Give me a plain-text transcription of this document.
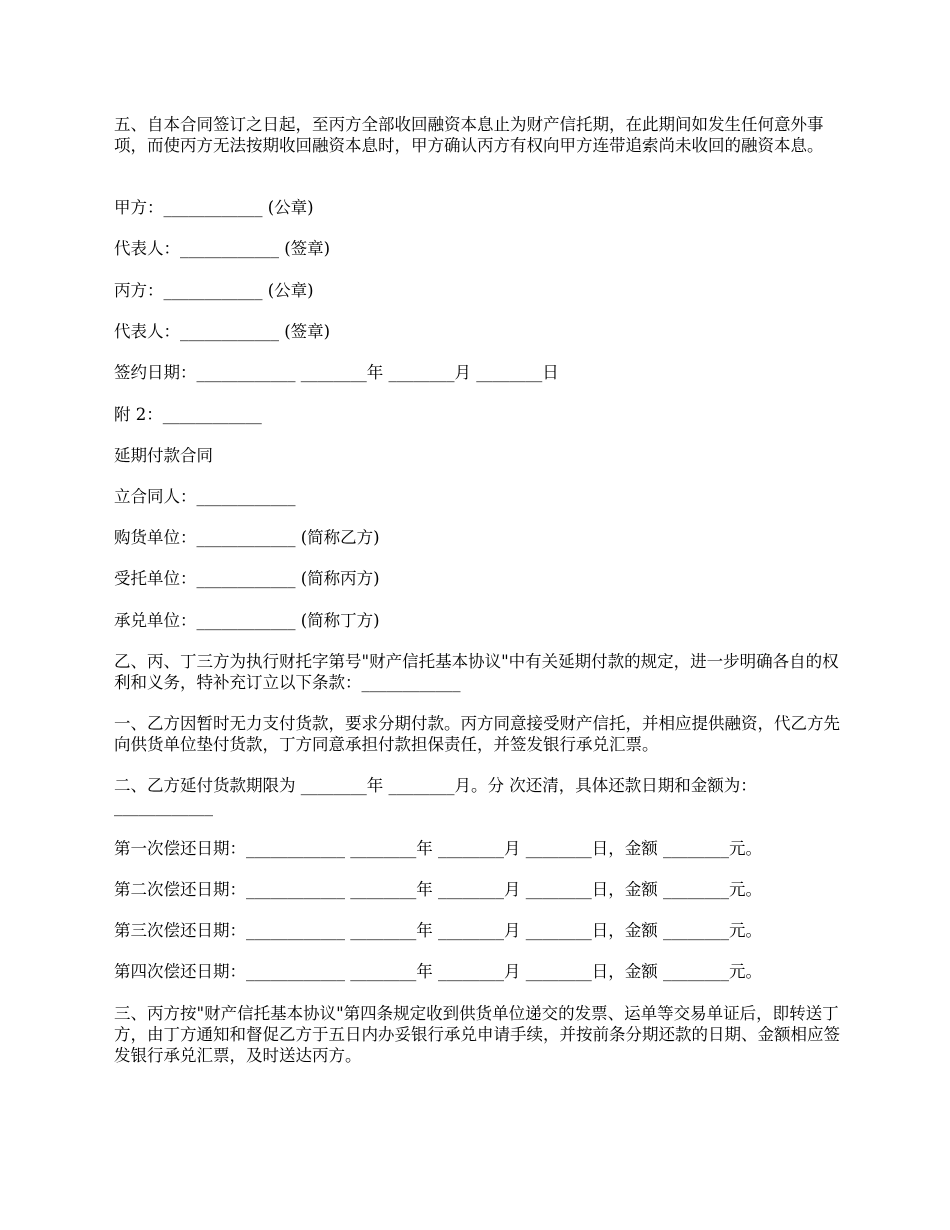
五、自本合同签订之日起，至丙方全部收回融资本息止为财产信托期，在此期间如发生任何意外事项，而使丙方无法按期收回融资本息时，甲方确认丙方有权向甲方连带追索尚未收回的融资本息。

甲方：____________ (公章)

代表人：____________ (签章)

丙方：____________ (公章)

代表人：____________ (签章)

签约日期：____________ ________年 ________月 ________日

附 2：____________

延期付款合同

立合同人：____________

购货单位：____________ (简称乙方)

受托单位：____________ (简称丙方)

承兑单位：____________ (简称丁方)

乙、丙、丁三方为执行财托字第号"财产信托基本协议"中有关延期付款的规定，进一步明确各自的权利和义务，特补充订立以下条款：____________

一、乙方因暂时无力支付货款，要求分期付款。丙方同意接受财产信托，并相应提供融资，代乙方先向供货单位垫付货款，丁方同意承担付款担保责任，并签发银行承兑汇票。

二、乙方延付货款期限为 ________年 ________月。分 次还清，具体还款日期和金额为：____________

第一次偿还日期：____________ ________年 ________月 ________日，金额 ________元。

第二次偿还日期：____________ ________年 ________月 ________日，金额 ________元。

第三次偿还日期：____________ ________年 ________月 ________日，金额 ________元。

第四次偿还日期：____________ ________年 ________月 ________日，金额 ________元。

三、丙方按"财产信托基本协议"第四条规定收到供货单位递交的发票、运单等交易单证后，即转送丁方，由丁方通知和督促乙方于五日内办妥银行承兑申请手续，并按前条分期还款的日期、金额相应签发银行承兑汇票，及时送达丙方。
